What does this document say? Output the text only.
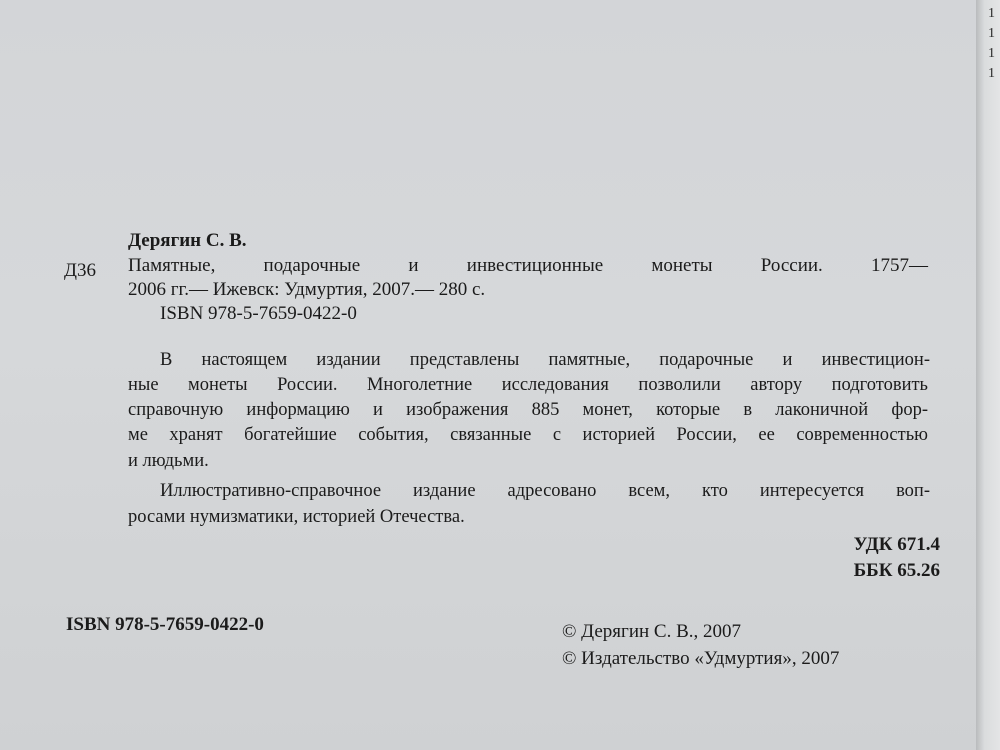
Дерягин С. В.
Д36 Памятные, подарочные и инвестиционные монеты России. 1757—
2006 гг.— Ижевск: Удмуртия, 2007.— 280 с.
ISBN 978-5-7659-0422-0
В настоящем издании представлены памятные, подарочные и инвестицион-
ные монеты России. Многолетние исследования позволили автору подготовить
справочную информацию и изображения 885 монет, которые в лаконичной фор-
ме хранят богатейшие события, связанные с историей России, ее современностью
и людьми.
Иллюстративно-справочное издание адресовано всем, кто интересуется воп-
росами нумизматики, историей Отечества.
УДК 671.4
ББК 65.26
ISBN 978-5-7659-0422-0	© Дерягин С. В., 2007
© Издательство «Удмуртия», 2007
1
1
1
1
